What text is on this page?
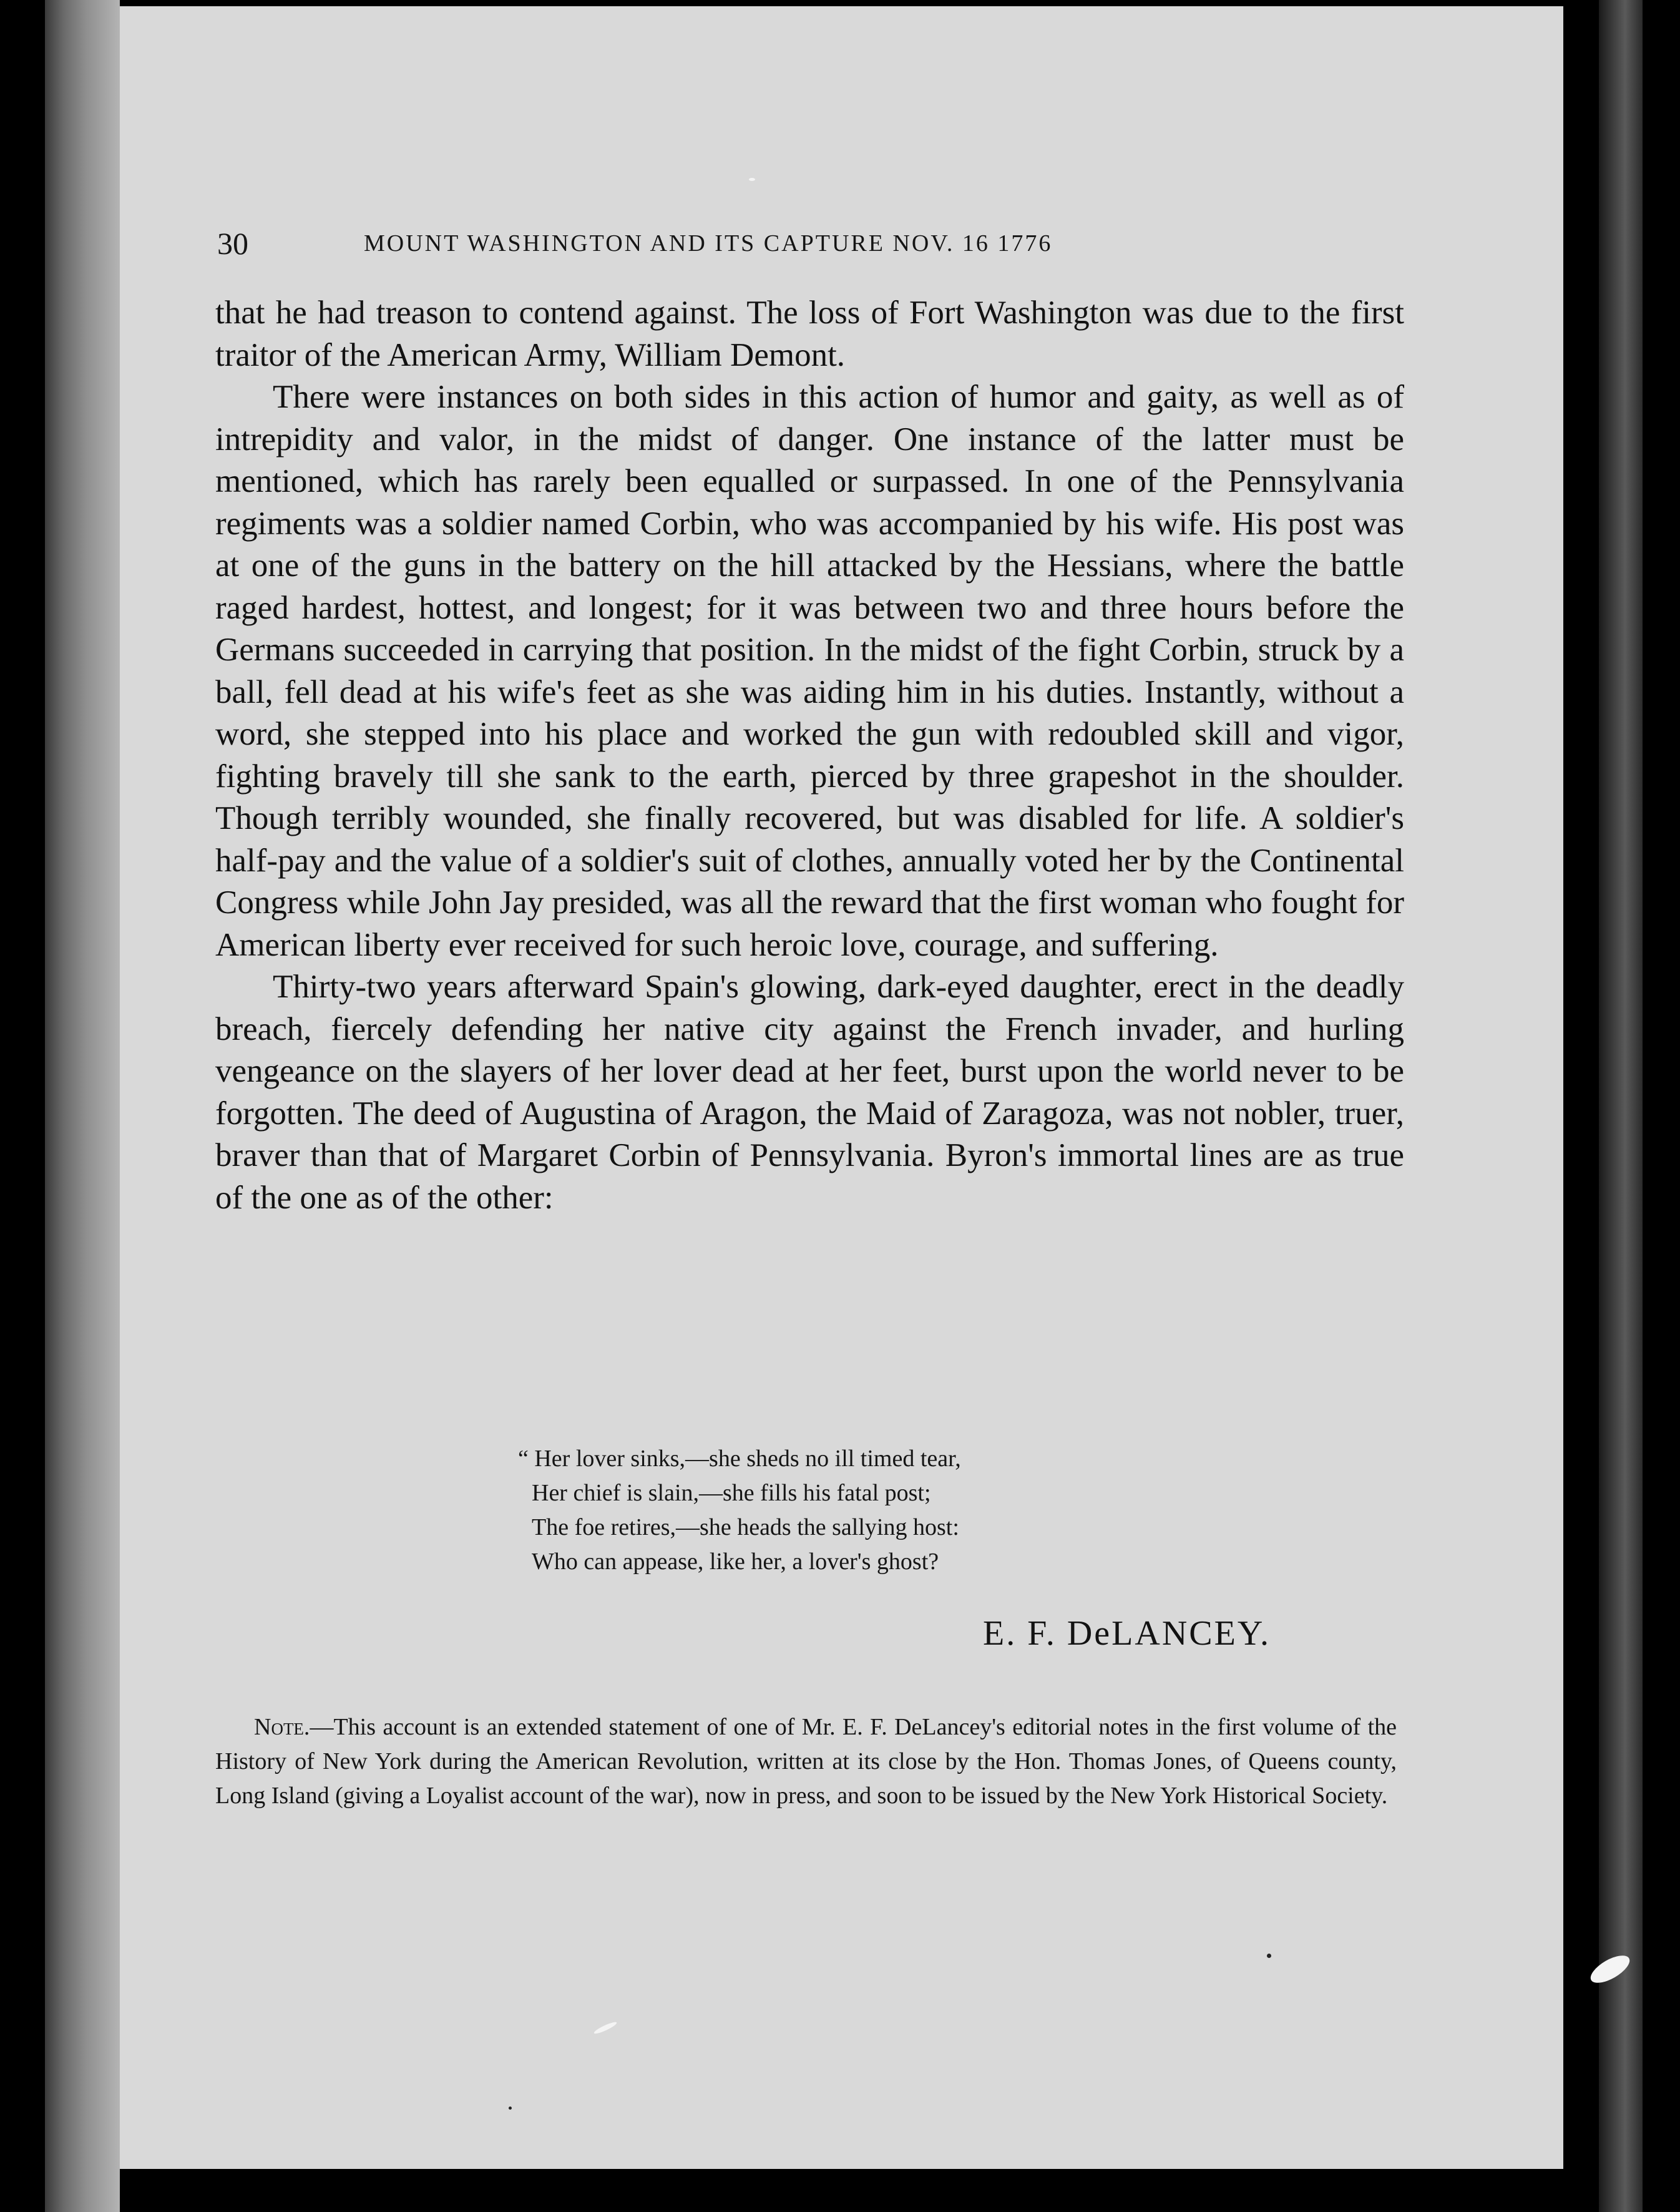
30	MOUNT WASHINGTON AND ITS CAPTURE NOV. 16 1776

that he had treason to contend against. The loss of Fort Washington was due to the first traitor of the American Army, William Demont.

There were instances on both sides in this action of humor and gaity, as well as of intrepidity and valor, in the midst of danger. One instance of the latter must be mentioned, which has rarely been equalled or surpassed. In one of the Pennsylvania regiments was a soldier named Corbin, who was accompanied by his wife. His post was at one of the guns in the battery on the hill attacked by the Hessians, where the battle raged hardest, hottest, and longest; for it was between two and three hours before the Germans succeeded in carrying that position. In the midst of the fight Corbin, struck by a ball, fell dead at his wife's feet as she was aiding him in his duties. Instantly, without a word, she stepped into his place and worked the gun with redoubled skill and vigor, fighting bravely till she sank to the earth, pierced by three grapeshot in the shoulder. Though terribly wounded, she finally recovered, but was disabled for life. A soldier's half-pay and the value of a soldier's suit of clothes, annually voted her by the Continental Congress while John Jay presided, was all the reward that the first woman who fought for American liberty ever received for such heroic love, courage, and suffering.

Thirty-two years afterward Spain's glowing, dark-eyed daughter, erect in the deadly breach, fiercely defending her native city against the French invader, and hurling vengeance on the slayers of her lover dead at her feet, burst upon the world never to be forgotten. The deed of Augustina of Aragon, the Maid of Zaragoza, was not nobler, truer, braver than that of Margaret Corbin of Pennsylvania. Byron's immortal lines are as true of the one as of the other:

“ Her lover sinks,—she sheds no ill timed tear,
Her chief is slain,—she fills his fatal post;
The foe retires,—she heads the sallying host:
Who can appease, like her, a lover's ghost?
E. F. DeLANCEY.

Note.—This account is an extended statement of one of Mr. E. F. DeLancey's editorial notes in the first volume of the History of New York during the American Revolution, written at its close by the Hon. Thomas Jones, of Queens county, Long Island (giving a Loyalist account of the war), now in press, and soon to be issued by the New York Historical Society.
